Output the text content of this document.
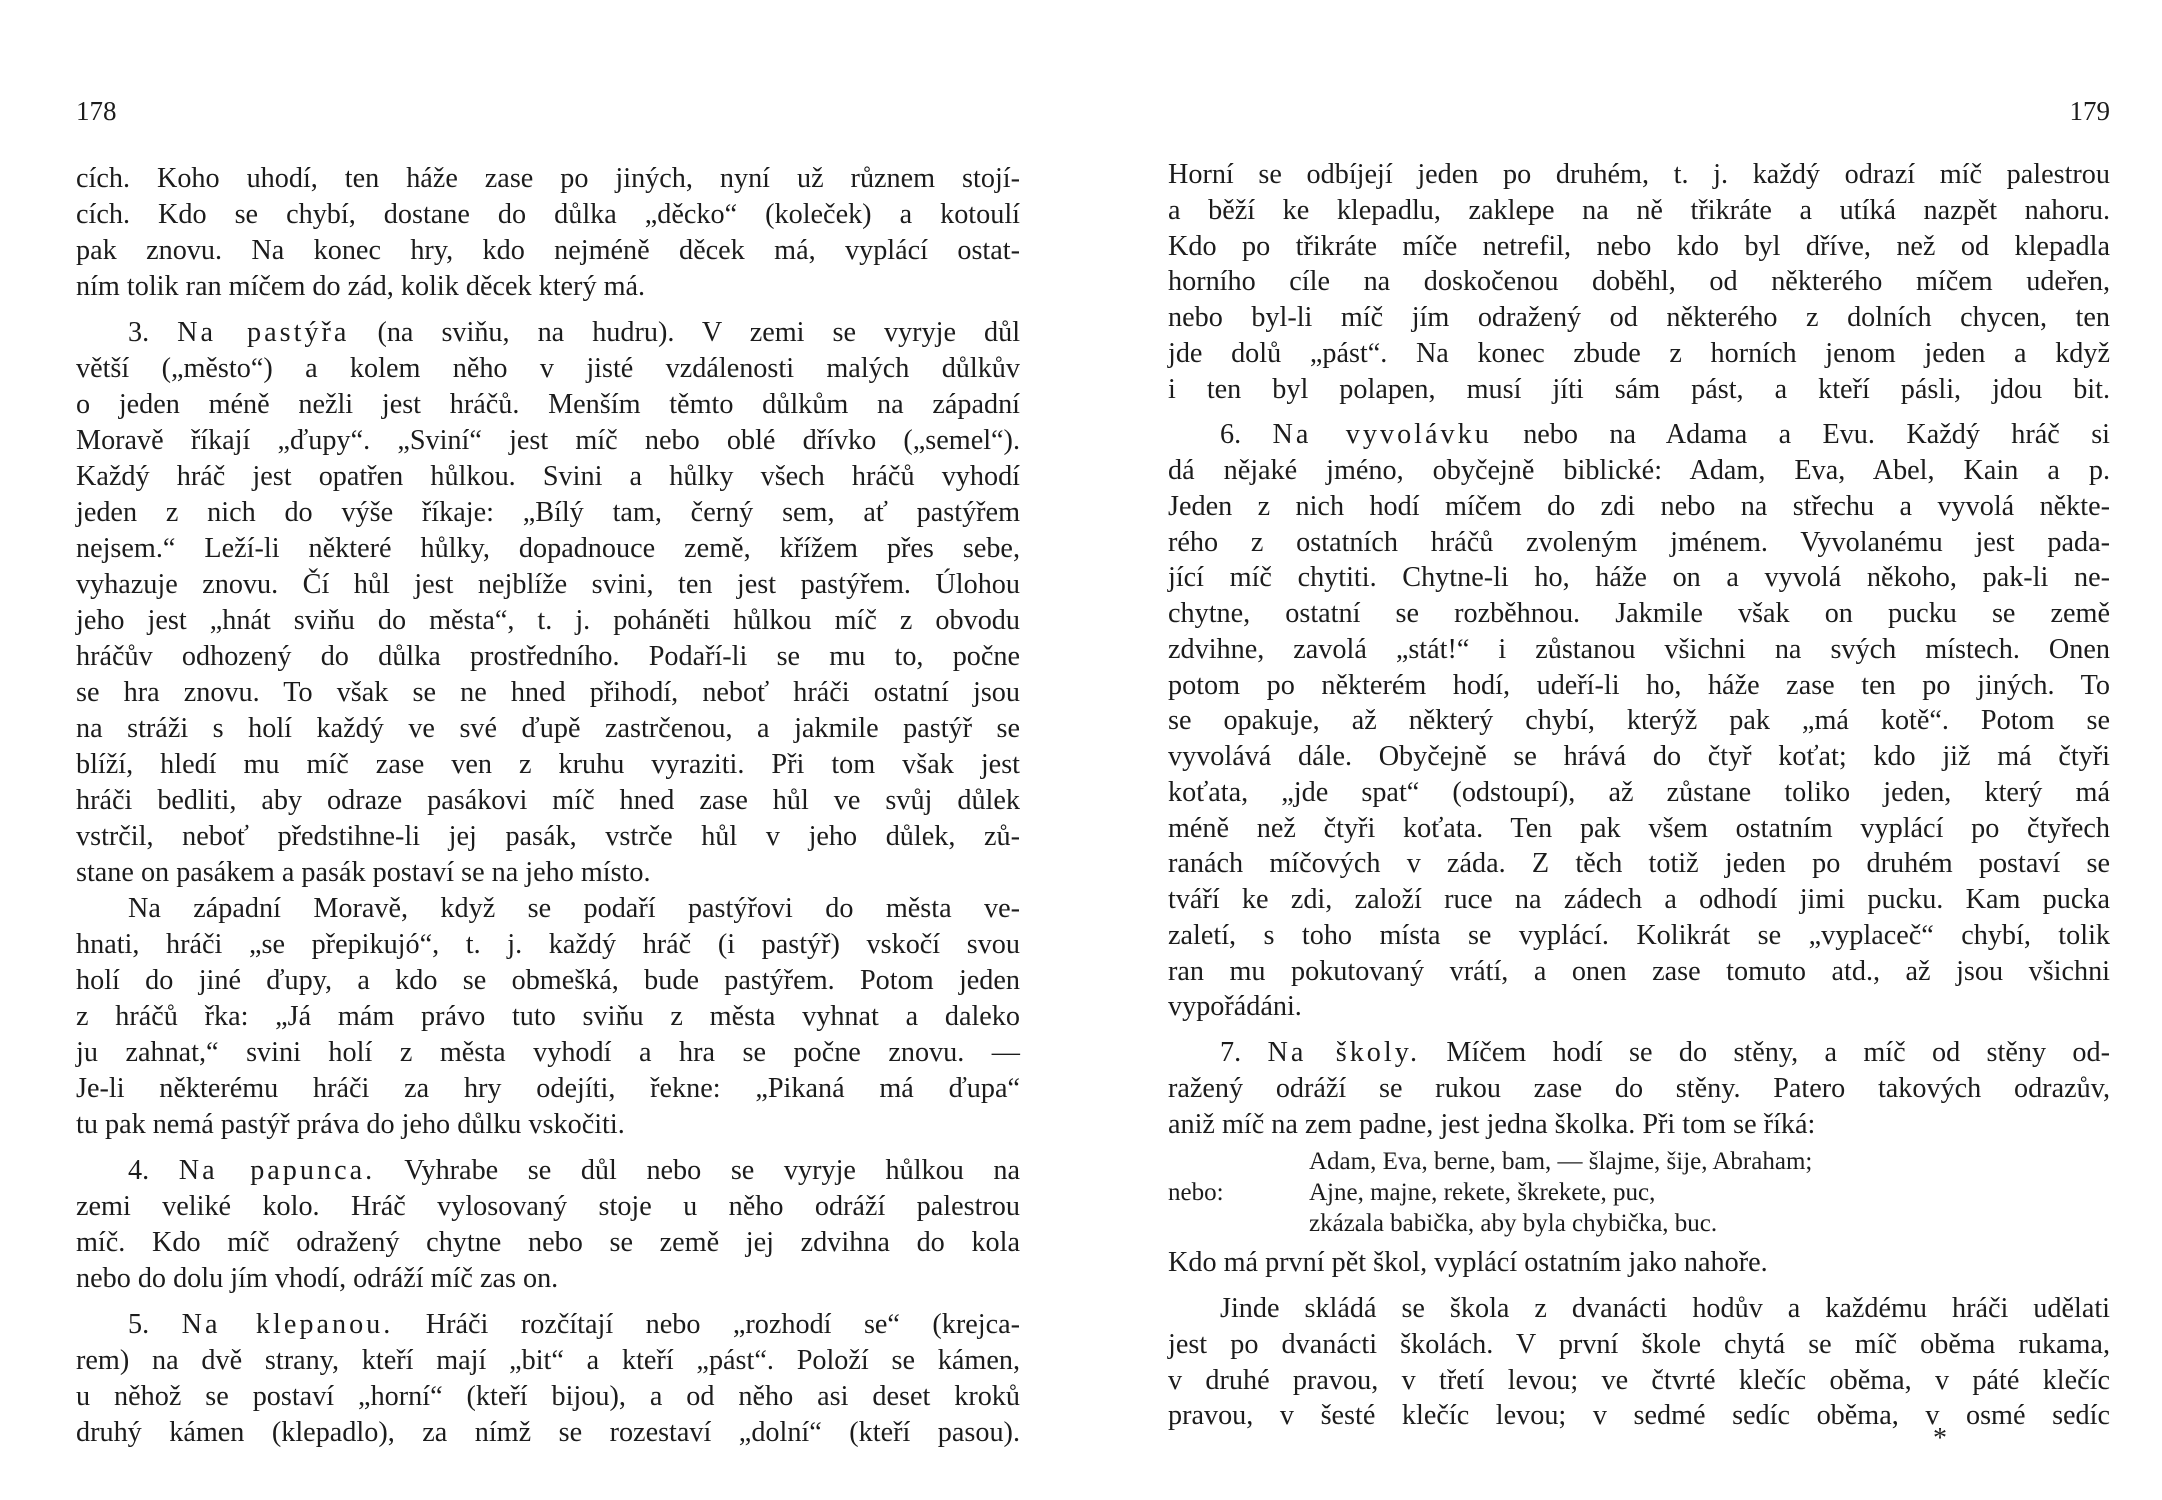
178
cích. Koho uhodí, ten háže zase po jiných, nyní už různem stojí-
cích. Kdo se chybí, dostane do důlka „děcko“ (koleček) a kotoulí
pak znovu. Na konec hry, kdo nejméně děcek má, vyplácí ostat-
ním tolik ran míčem do zád, kolik děcek který má.
3. Na pastýřa (na sviňu, na hudru). V zemi se vyryje důl
větší („město“) a kolem něho v jisté vzdálenosti malých důlkův
o jeden méně nežli jest hráčů. Menším těmto důlkům na západní
Moravě říkají „ďupy“. „Sviní“ jest míč nebo oblé dřívko („semel“).
Každý hráč jest opatřen hůlkou. Svini a hůlky všech hráčů vyhodí
jeden z nich do výše říkaje: „Bílý tam, černý sem, ať pastýřem
nejsem.“ Leží-li některé hůlky, dopadnouce země, křížem přes sebe,
vyhazuje znovu. Čí hůl jest nejblíže svini, ten jest pastýřem. Úlohou
jeho jest „hnát sviňu do města“, t. j. poháněti hůlkou míč z obvodu
hráčův odhozený do důlka prostředního. Podaří-li se mu to, počne
se hra znovu. To však se ne hned přihodí, neboť hráči ostatní jsou
na stráži s holí každý ve své ďupě zastrčenou, a jakmile pastýř se
blíží, hledí mu míč zase ven z kruhu vyraziti. Při tom však jest
hráči bedliti, aby odraze pasákovi míč hned zase hůl ve svůj důlek
vstrčil, neboť předstihne-li jej pasák, vstrče hůl v jeho důlek, zů-
stane on pasákem a pasák postaví se na jeho místo.
Na západní Moravě, když se podaří pastýřovi do města ve-
hnati, hráči „se přepikujó“, t. j. každý hráč (i pastýř) vskočí svou
holí do jiné ďupy, a kdo se obmešká, bude pastýřem. Potom jeden
z hráčů řka: „Já mám právo tuto sviňu z města vyhnat a daleko
ju zahnat,“ svini holí z města vyhodí a hra se počne znovu. —
Je-li některému hráči za hry odejíti, řekne: „Pikaná má ďupa“
tu pak nemá pastýř práva do jeho důlku vskočiti.
4. Na papunca. Vyhrabe se důl nebo se vyryje hůlkou na
zemi veliké kolo. Hráč vylosovaný stoje u něho odráží palestrou
míč. Kdo míč odražený chytne nebo se země jej zdvihna do kola
nebo do dolu jím vhodí, odráží míč zas on.
5. Na klepanou. Hráči rozčítají nebo „rozhodí se“ (krejca-
rem) na dvě strany, kteří mají „bit“ a kteří „pást“. Položí se kámen,
u něhož se postaví „horní“ (kteří bijou), a od něho asi deset kroků
druhý kámen (klepadlo), za nímž se rozestaví „dolní“ (kteří pasou).
179
Horní se odbíjejí jeden po druhém, t. j. každý odrazí míč palestrou
a běží ke klepadlu, zaklepe na ně třikráte a utíká nazpět nahoru.
Kdo po třikráte míče netrefil, nebo kdo byl dříve, než od klepadla
horního cíle na doskočenou doběhl, od některého míčem udeřen,
nebo byl-li míč jím odražený od některého z dolních chycen, ten
jde dolů „pást“. Na konec zbude z horních jenom jeden a když
i ten byl polapen, musí jíti sám pást, a kteří pásli, jdou bit.
6. Na vyvolávku nebo na Adama a Evu. Každý hráč si
dá nějaké jméno, obyčejně biblické: Adam, Eva, Abel, Kain a p.
Jeden z nich hodí míčem do zdi nebo na střechu a vyvolá někte-
rého z ostatních hráčů zvoleným jménem. Vyvolanému jest pada-
jící míč chytiti. Chytne-li ho, háže on a vyvolá někoho, pak-li ne-
chytne, ostatní se rozběhnou. Jakmile však on pucku se země
zdvihne, zavolá „stát!“ i zůstanou všichni na svých místech. Onen
potom po některém hodí, udeří-li ho, háže zase ten po jiných. To
se opakuje, až některý chybí, kterýž pak „má kotě“. Potom se
vyvolává dále. Obyčejně se hrává do čtyř koťat; kdo již má čtyři
koťata, „jde spat“ (odstoupí), až zůstane toliko jeden, který má
méně než čtyři koťata. Ten pak všem ostatním vyplácí po čtyřech
ranách míčových v záda. Z těch totiž jeden po druhém postaví se
tváří ke zdi, založí ruce na zádech a odhodí jimi pucku. Kam pucka
zaletí, s toho místa se vyplácí. Kolikrát se „vyplaceč“ chybí, tolik
ran mu pokutovaný vrátí, a onen zase tomuto atd., až jsou všichni
vypořádáni.
7. Na školy. Míčem hodí se do stěny, a míč od stěny od-
ražený odráží se rukou zase do stěny. Patero takových odrazův,
aniž míč na zem padne, jest jedna školka. Při tom se říká:
Adam, Eva, berne, bam, — šlajme, šije, Abraham;
nebo:	Ajne, majne, rekete, škrekete, puc,
zkázala babička, aby byla chybička, buc.
Kdo má první pět škol, vyplácí ostatním jako nahoře.
Jinde skládá se škola z dvanácti hodův a každému hráči udělati
jest po dvanácti školách. V první škole chytá se míč oběma rukama,
v druhé pravou, v třetí levou; ve čtvrté klečíc oběma, v páté klečíc
pravou, v šesté klečíc levou; v sedmé sedíc oběma, v osmé sedíc
*
